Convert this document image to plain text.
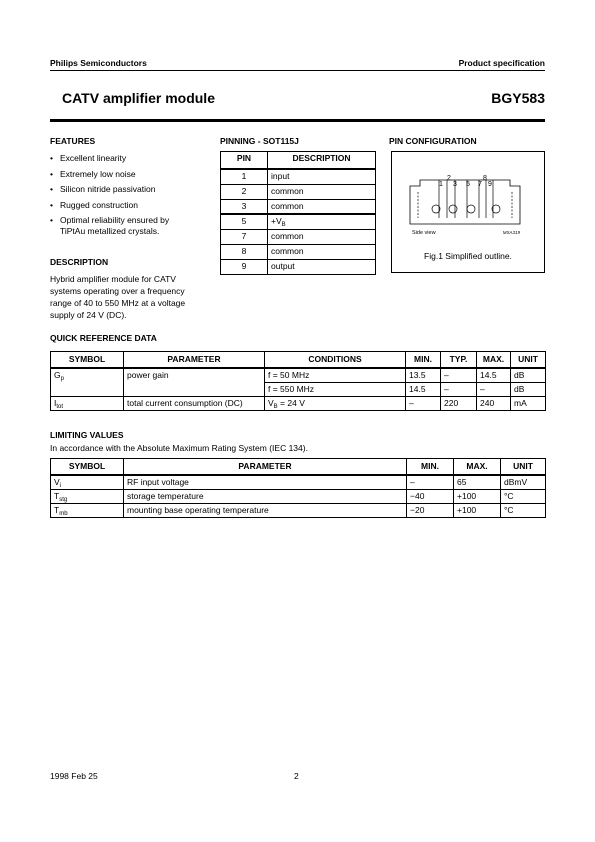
Philips Semiconductors	Product specification
CATV amplifier module	BGY583
FEATURES
• Excellent linearity
• Extremely low noise
• Silicon nitride passivation
• Rugged construction
• Optimal reliability ensured by TiPtAu metallized crystals.
DESCRIPTION
Hybrid amplifier module for CATV systems operating over a frequency range of 40 to 550 MHz at a voltage supply of 24 V (DC).
PINNING - SOT115J
PIN	DESCRIPTION
1	input
2	common
3	common
5	$+V_B$
7	common
8	common
9	output
PIN CONFIGURATION
1
2
3 5 7
8
9
Side view	MSA319
Fig.1 Simplified outline.
QUICK REFERENCE DATA
SYMBOL	PARAMETER	CONDITIONS	MIN.	TYP.	MAX.	UNIT
$G_p$	power gain	f = 50 MHz	13.5	–	14.5	dB
		f = 550 MHz	14.5	–	–	dB
$I_{tot}$	total current consumption (DC)	$V_B = 24$ V	–	220	240	mA
LIMITING VALUES
In accordance with the Absolute Maximum Rating System (IEC 134).
SYMBOL	PARAMETER	MIN.	MAX.	UNIT
$V_i$	RF input voltage	–	65	dBmV
$T_{stg}$	storage temperature	−40	+100	°C
$T_{mb}$	mounting base operating temperature	−20	+100	°C
1998 Feb 25	2
